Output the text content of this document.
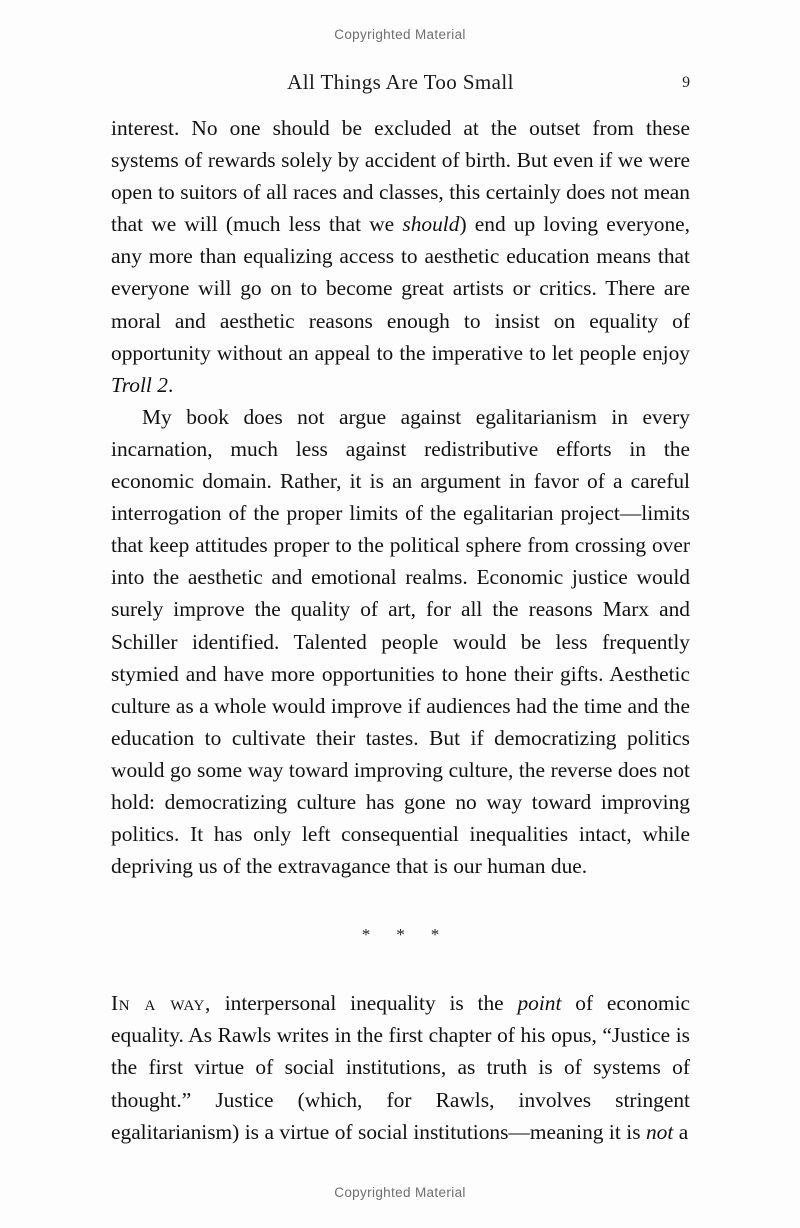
Copyrighted Material
All Things Are Too Small	9

interest. No one should be excluded at the outset from these systems of rewards solely by accident of birth. But even if we were open to suitors of all races and classes, this certainly does not mean that we will (much less that we should) end up loving everyone, any more than equalizing access to aesthetic education means that everyone will go on to become great artists or critics. There are moral and aesthetic reasons enough to insist on equality of opportunity without an appeal to the imperative to let people enjoy Troll 2.

My book does not argue against egalitarianism in every incarnation, much less against redistributive efforts in the economic domain. Rather, it is an argument in favor of a careful interrogation of the proper limits of the egalitarian project—limits that keep attitudes proper to the political sphere from crossing over into the aesthetic and emotional realms. Economic justice would surely improve the quality of art, for all the reasons Marx and Schiller identified. Talented people would be less frequently stymied and have more opportunities to hone their gifts. Aesthetic culture as a whole would improve if audiences had the time and the education to cultivate their tastes. But if democratizing politics would go some way toward improving culture, the reverse does not hold: democratizing culture has gone no way toward improving politics. It has only left consequential inequalities intact, while depriving us of the extravagance that is our human due.

*	*	*

In a way, interpersonal inequality is the point of economic equality. As Rawls writes in the first chapter of his opus, “Justice is the first virtue of social institutions, as truth is of systems of thought.” Justice (which, for Rawls, involves stringent egalitarianism) is a virtue of social institutions—meaning it is not a

Copyrighted Material
